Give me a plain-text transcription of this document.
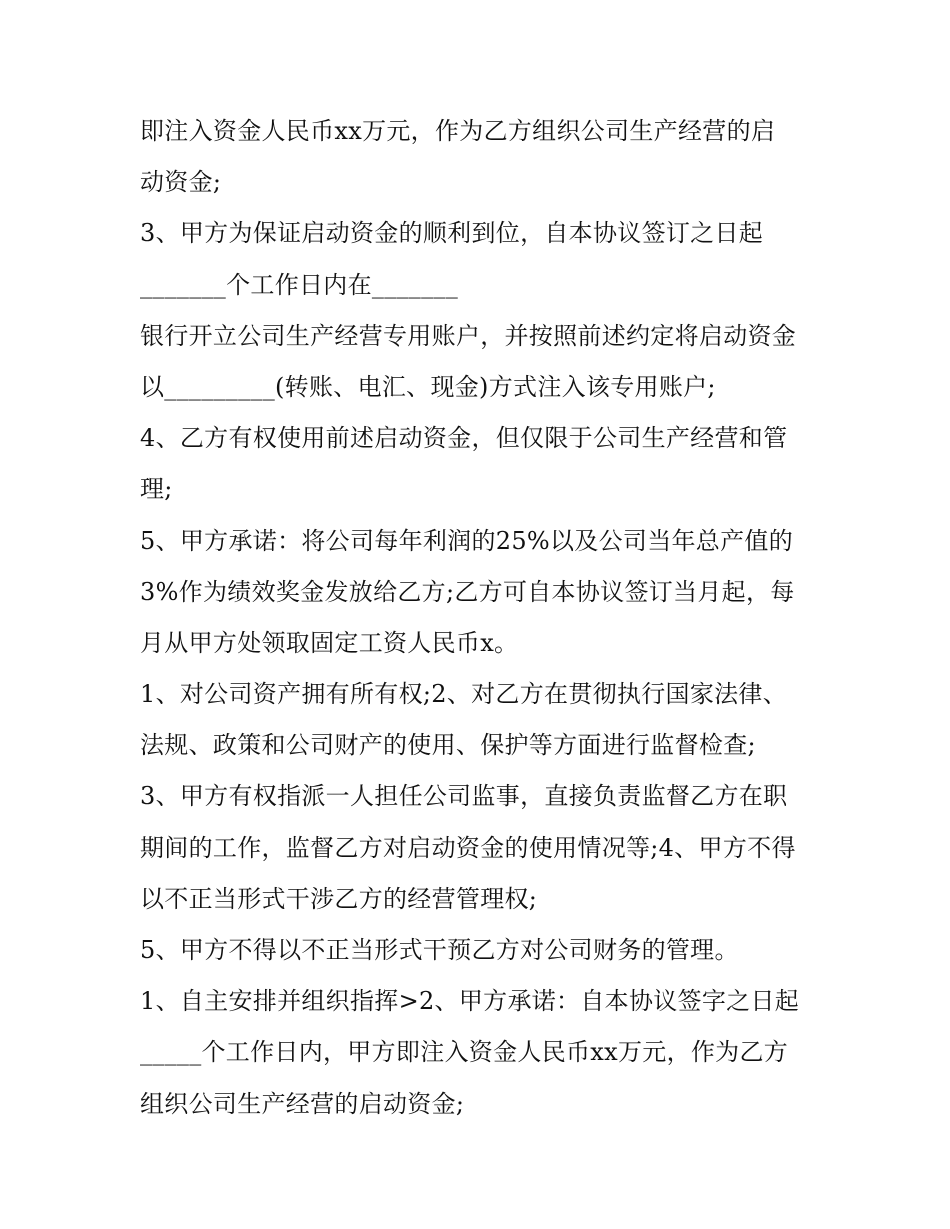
即注入资金人民币xx万元，作为乙方组织公司生产经营的启
动资金;
3、甲方为保证启动资金的顺利到位，自本协议签订之日起
_______个工作日内在_______
银行开立公司生产经营专用账户，并按照前述约定将启动资金
以_________(转账、电汇、现金)方式注入该专用账户;
4、乙方有权使用前述启动资金，但仅限于公司生产经营和管
理;
5、甲方承诺：将公司每年利润的25%以及公司当年总产值的
3%作为绩效奖金发放给乙方;乙方可自本协议签订当月起，每
月从甲方处领取固定工资人民币x。
1、对公司资产拥有所有权;2、对乙方在贯彻执行国家法律、
法规、政策和公司财产的使用、保护等方面进行监督检查;
3、甲方有权指派一人担任公司监事，直接负责监督乙方在职
期间的工作，监督乙方对启动资金的使用情况等;4、甲方不得
以不正当形式干涉乙方的经营管理权;
5、甲方不得以不正当形式干预乙方对公司财务的管理。
1、自主安排并组织指挥>2、甲方承诺：自本协议签字之日起
_____个工作日内，甲方即注入资金人民币xx万元，作为乙方
组织公司生产经营的启动资金;
